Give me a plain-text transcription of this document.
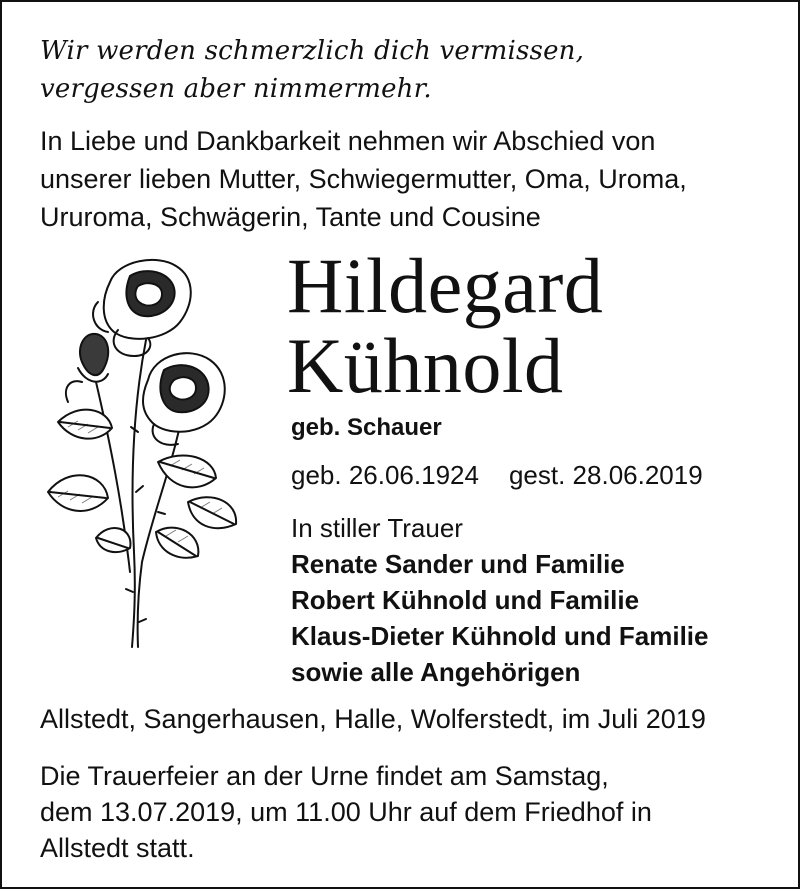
Wir werden schmerzlich dich vermissen,
vergessen aber nimmermehr.
In Liebe und Dankbarkeit nehmen wir Abschied von
unserer lieben Mutter, Schwiegermutter, Oma, Uroma,
Ururoma, Schwägerin, Tante und Cousine
Hildegard
Kühnold
geb. Schauer
geb. 26.06.1924 gest. 28.06.2019
In stiller Trauer
Renate Sander und Familie
Robert Kühnold und Familie
Klaus-Dieter Kühnold und Familie
sowie alle Angehörigen
Allstedt, Sangerhausen, Halle, Wolferstedt, im Juli 2019
Die Trauerfeier an der Urne findet am Samstag,
dem 13.07.2019, um 11.00 Uhr auf dem Friedhof in
Allstedt statt.
